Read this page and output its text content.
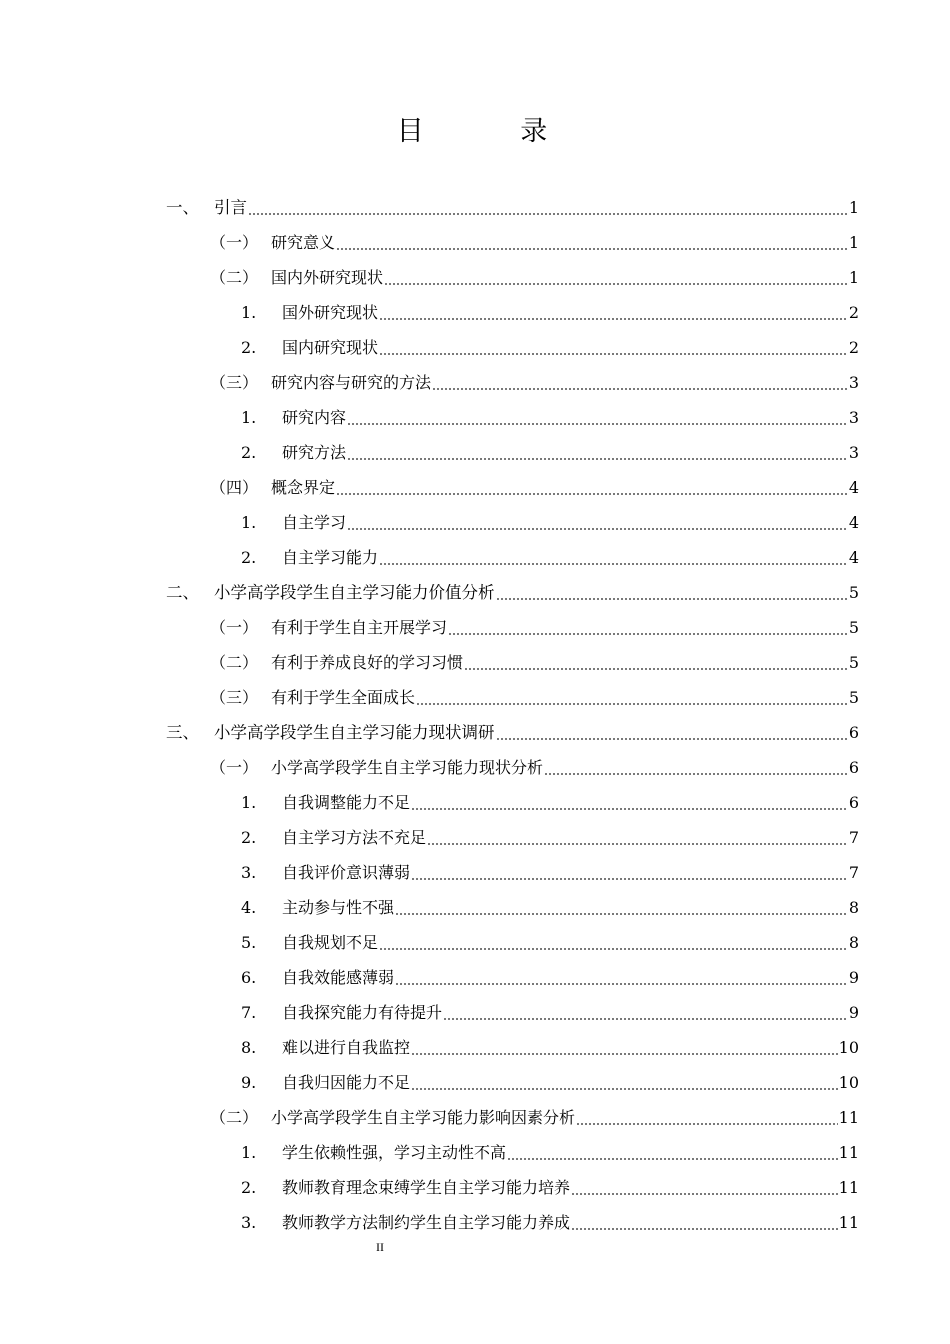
目 录
一、 引言	1
（一） 研究意义	1
（二） 国内外研究现状	1
1.	国外研究现状	2
2.	国内研究现状	2
（三） 研究内容与研究的方法	3
1.	研究内容	3
2.	研究方法	3
（四） 概念界定	4
1.	自主学习	4
2.	自主学习能力	4
二、 小学高学段学生自主学习能力价值分析	5
（一） 有利于学生自主开展学习	5
（二） 有利于养成良好的学习习惯	5
（三） 有利于学生全面成长	5
三、 小学高学段学生自主学习能力现状调研	6
（一） 小学高学段学生自主学习能力现状分析	6
1.	自我调整能力不足	6
2.	自主学习方法不充足	7
3.	自我评价意识薄弱	7
4.	主动参与性不强	8
5.	自我规划不足	8
6.	自我效能感薄弱	9
7.	自我探究能力有待提升	9
8.	难以进行自我监控	10
9.	自我归因能力不足	10
（二） 小学高学段学生自主学习能力影响因素分析	11
1.	学生依赖性强，学习主动性不高	11
2.	教师教育理念束缚学生自主学习能力培养	11
3.	教师教学方法制约学生自主学习能力养成	11
II
